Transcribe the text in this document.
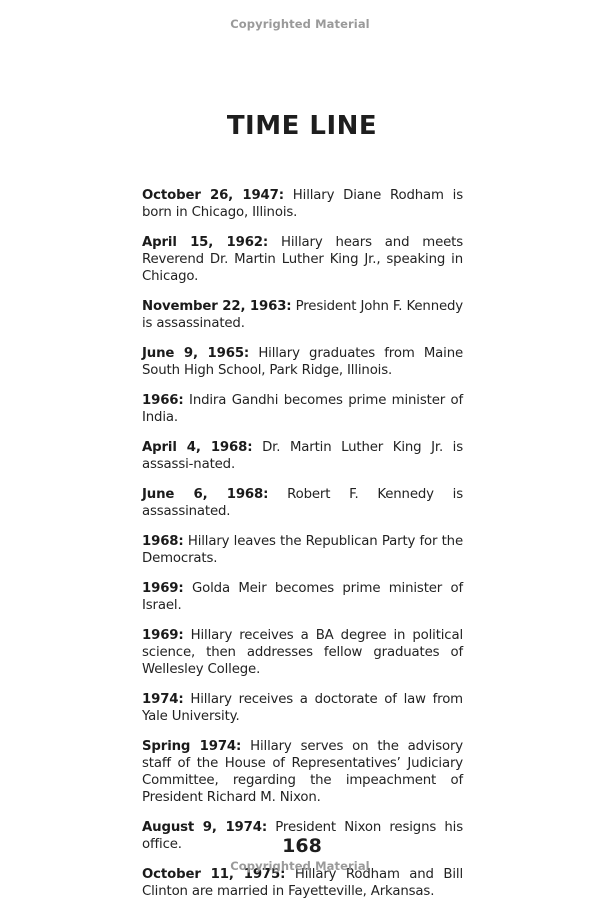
Copyrighted Material
TIME LINE

October 26, 1947: Hillary Diane Rodham is born in Chicago, Illinois.

April 15, 1962: Hillary hears and meets Reverend Dr. Martin Luther King Jr., speaking in Chicago.

November 22, 1963: President John F. Kennedy is assassinated.

June 9, 1965: Hillary graduates from Maine South High School, Park Ridge, Illinois.

1966: Indira Gandhi becomes prime minister of India.

April 4, 1968: Dr. Martin Luther King Jr. is assassi-nated.

June 6, 1968: Robert F. Kennedy is assassinated.

1968: Hillary leaves the Republican Party for the Democrats.

1969: Golda Meir becomes prime minister of Israel.

1969: Hillary receives a BA degree in political science, then addresses fellow graduates of Wellesley College.

1974: Hillary receives a doctorate of law from Yale University.

Spring 1974: Hillary serves on the advisory staff of the House of Representatives’ Judiciary Committee, regarding the impeachment of President Richard M. Nixon.

August 9, 1974: President Nixon resigns his office.

October 11, 1975: Hillary Rodham and Bill Clinton are married in Fayetteville, Arkansas.

168
Copyrighted Material
